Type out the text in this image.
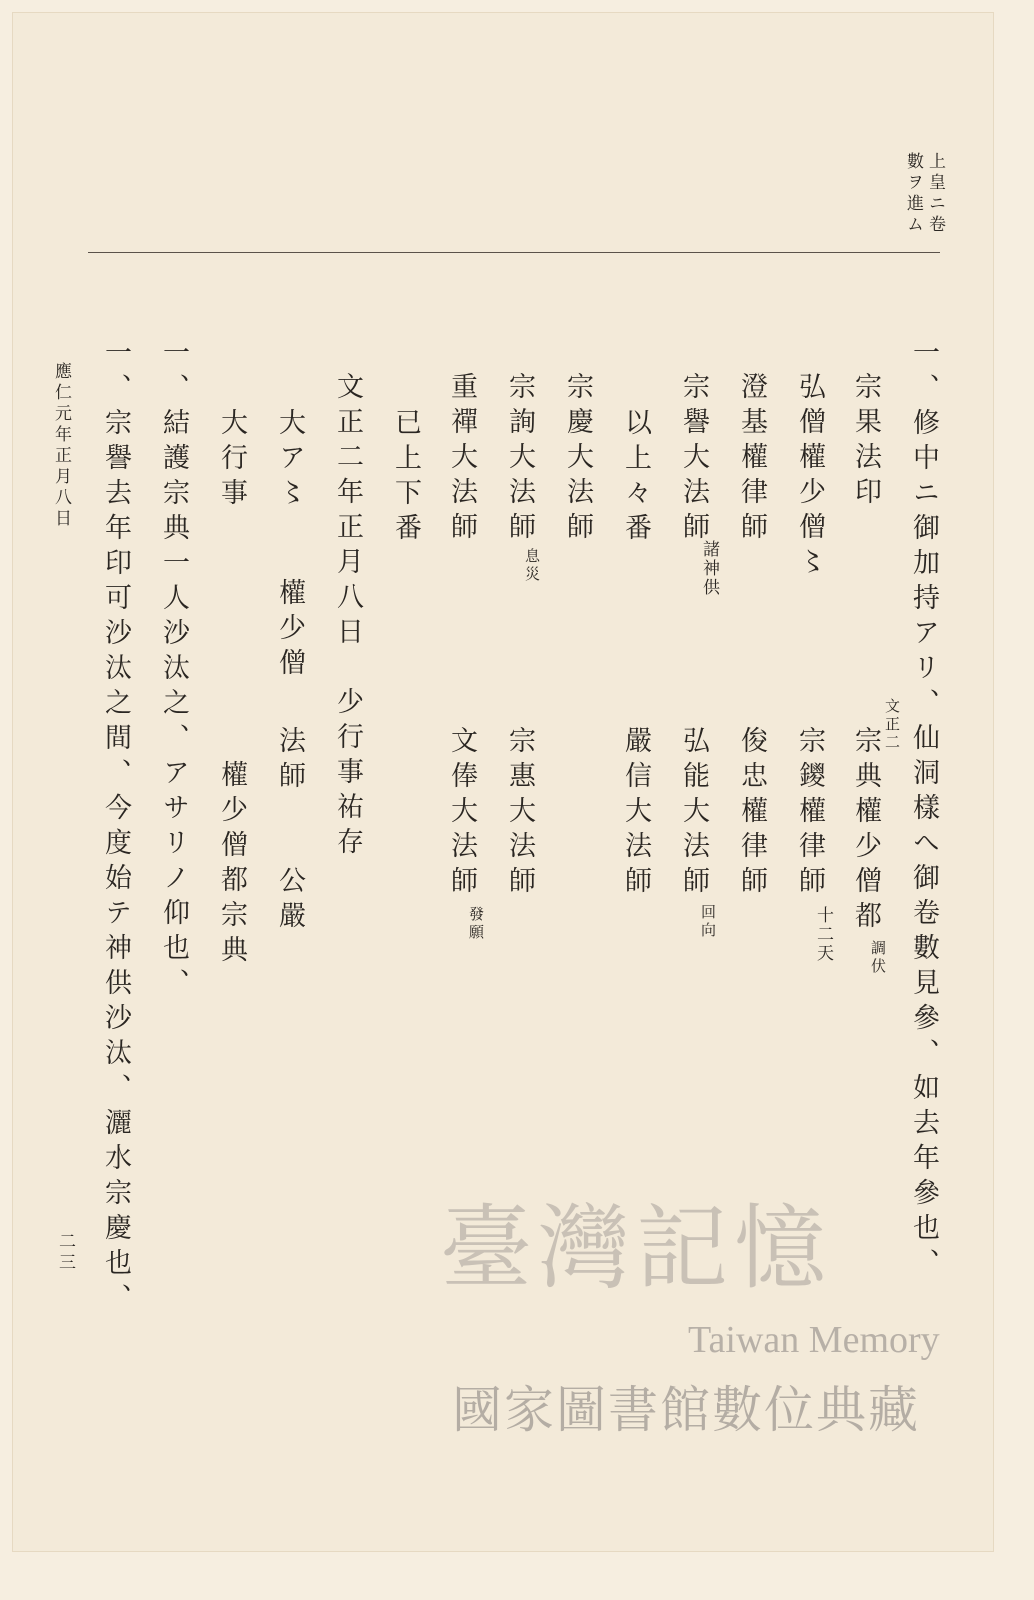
上皇ニ卷
數ヲ進ム
一、修中ニ御加持アリ、仙洞樣へ御卷數見參、如去年參也、
宗果法印
宗典權少僧都
文正二
調伏
弘僧權少僧〻
宗鑁權律師
十二天
澄基權律師
俊忠權律師
宗譽大法師
諸神供
弘能大法師
回向
以上々番
嚴信大法師
宗慶大法師
宗詢大法師
息災
宗惠大法師
重禪大法師
文俸大法師
發願
已上下番
文正二年正月八日　少行事祐存
大ア〻
權少僧
法師
公嚴
大行事
權少僧都宗典
一、結護宗典一人沙汰之、アサリノ仰也、
一、宗譽去年印可沙汰之間、今度始テ神供沙汰、灑水宗慶也、
應仁元年正月八日
二三	臺灣記憶
Taiwan Memory
國家圖書館數位典藏
